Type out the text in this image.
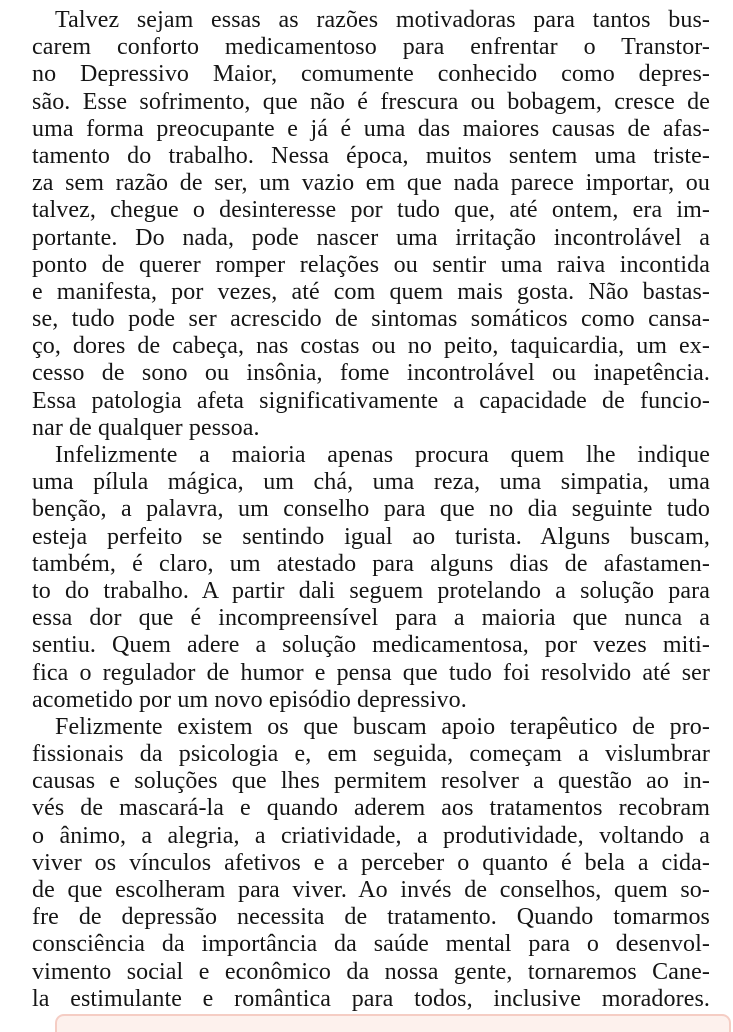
Talvez sejam essas as razões motivadoras para tantos bus-
carem conforto medicamentoso para enfrentar o Transtor-
no Depressivo Maior, comumente conhecido como depres-
são. Esse sofrimento, que não é frescura ou bobagem, cresce de
uma forma preocupante e já é uma das maiores causas de afas-
tamento do trabalho. Nessa época, muitos sentem uma triste-
za sem razão de ser, um vazio em que nada parece importar, ou
talvez, chegue o desinteresse por tudo que, até ontem, era im-
portante. Do nada, pode nascer uma irritação incontrolável a
ponto de querer romper relações ou sentir uma raiva incontida
e manifesta, por vezes, até com quem mais gosta. Não bastas-
se, tudo pode ser acrescido de sintomas somáticos como cansa-
ço, dores de cabeça, nas costas ou no peito, taquicardia, um ex-
cesso de sono ou insônia, fome incontrolável ou inapetência.
Essa patologia afeta significativamente a capacidade de funcio-
nar de qualquer pessoa.

Infelizmente a maioria apenas procura quem lhe indique
uma pílula mágica, um chá, uma reza, uma simpatia, uma
benção, a palavra, um conselho para que no dia seguinte tudo
esteja perfeito se sentindo igual ao turista. Alguns buscam,
também, é claro, um atestado para alguns dias de afastamen-
to do trabalho. A partir dali seguem protelando a solução para
essa dor que é incompreensível para a maioria que nunca a
sentiu. Quem adere a solução medicamentosa, por vezes miti-
fica o regulador de humor e pensa que tudo foi resolvido até ser
acometido por um novo episódio depressivo.

Felizmente existem os que buscam apoio terapêutico de pro-
fissionais da psicologia e, em seguida, começam a vislumbrar
causas e soluções que lhes permitem resolver a questão ao in-
vés de mascará-la e quando aderem aos tratamentos recobram
o ânimo, a alegria, a criatividade, a produtividade, voltando a
viver os vínculos afetivos e a perceber o quanto é bela a cida-
de que escolheram para viver. Ao invés de conselhos, quem so-
fre de depressão necessita de tratamento. Quando tomarmos
consciência da importância da saúde mental para o desenvol-
vimento social e econômico da nossa gente, tornaremos Cane-
la estimulante e romântica para todos, inclusive moradores.
